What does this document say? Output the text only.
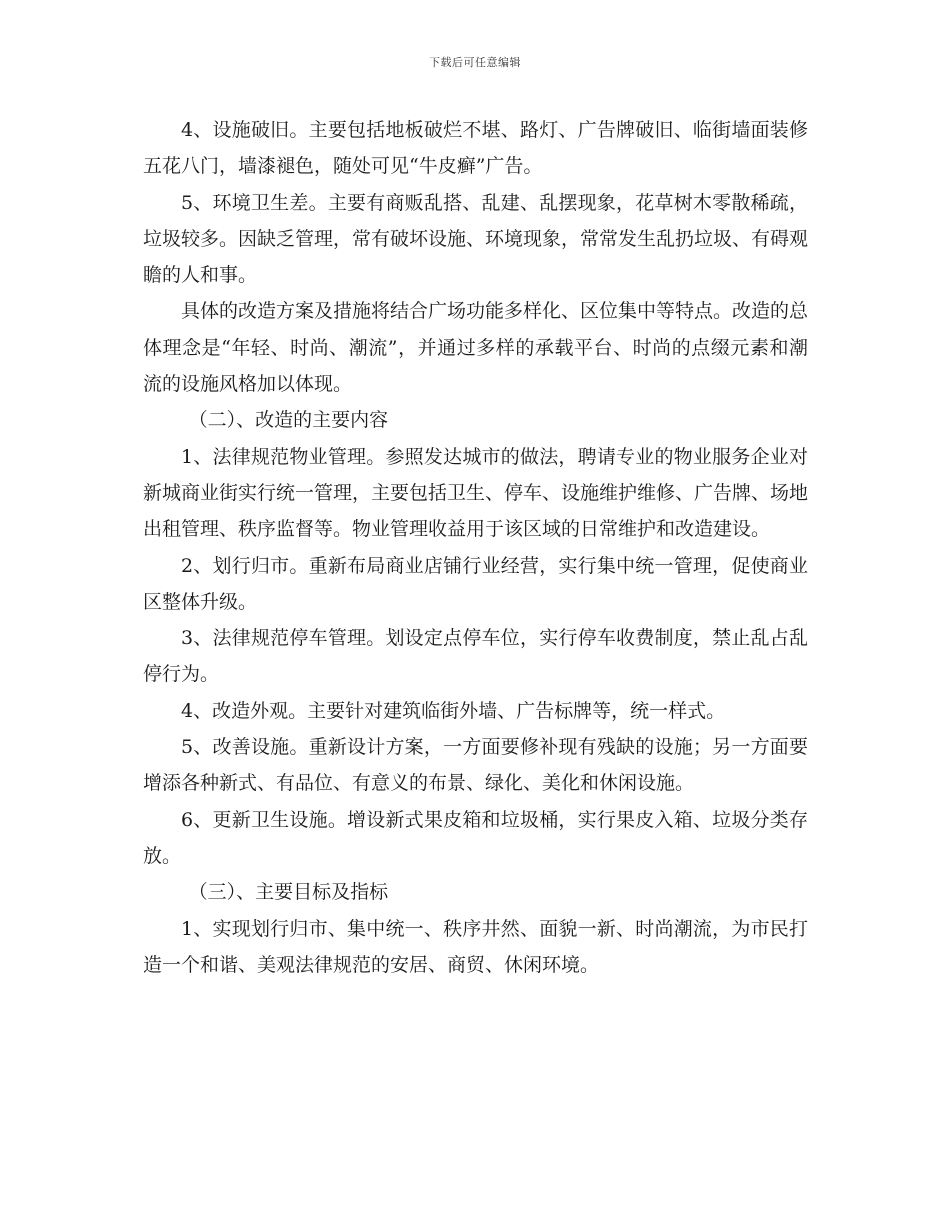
下载后可任意编辑

4、设施破旧。主要包括地板破烂不堪、路灯、广告牌破旧、临街墙面装修五花八门，墙漆褪色，随处可见“牛皮癣”广告。

5、环境卫生差。主要有商贩乱搭、乱建、乱摆现象，花草树木零散稀疏，垃圾较多。因缺乏管理，常有破坏设施、环境现象，常常发生乱扔垃圾、有碍观瞻的人和事。

具体的改造方案及措施将结合广场功能多样化、区位集中等特点。改造的总体理念是“年轻、时尚、潮流”，并通过多样的承载平台、时尚的点缀元素和潮流的设施风格加以体现。

（二）、改造的主要内容

1、法律规范物业管理。参照发达城市的做法，聘请专业的物业服务企业对新城商业街实行统一管理，主要包括卫生、停车、设施维护维修、广告牌、场地出租管理、秩序监督等。物业管理收益用于该区域的日常维护和改造建设。

2、划行归市。重新布局商业店铺行业经营，实行集中统一管理，促使商业区整体升级。

3、法律规范停车管理。划设定点停车位，实行停车收费制度，禁止乱占乱停行为。

4、改造外观。主要针对建筑临街外墙、广告标牌等，统一样式。

5、改善设施。重新设计方案，一方面要修补现有残缺的设施；另一方面要增添各种新式、有品位、有意义的布景、绿化、美化和休闲设施。

6、更新卫生设施。增设新式果皮箱和垃圾桶，实行果皮入箱、垃圾分类存放。

（三）、主要目标及指标

1、实现划行归市、集中统一、秩序井然、面貌一新、时尚潮流，为市民打造一个和谐、美观法律规范的安居、商贸、休闲环境。
